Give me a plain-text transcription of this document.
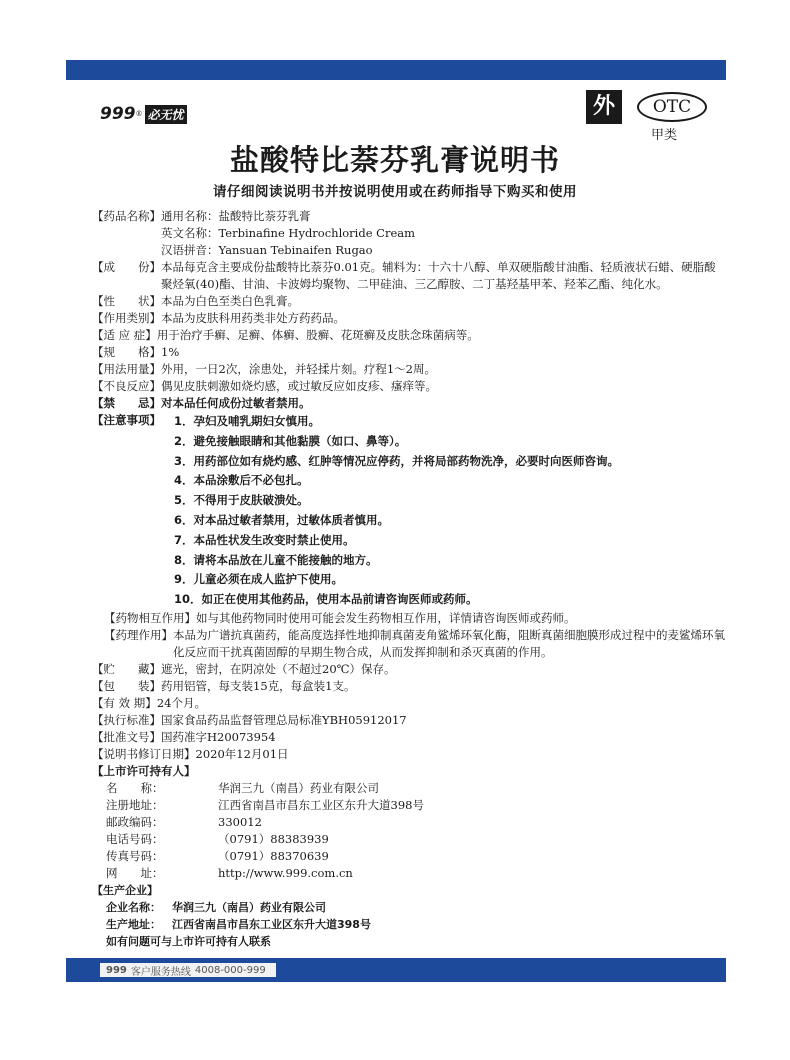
999 ® 必无忧	外	OTC
甲类
盐酸特比萘芬乳膏说明书
请仔细阅读说明书并按说明使用或在药师指导下购买和使用
【药品名称】 通用名称：盐酸特比萘芬乳膏
英文名称：Terbinafine Hydrochloride Cream
汉语拼音：Yansuan Tebinaifen Rugao
【成　　份】 本品每克含主要成份盐酸特比萘芬0.01克。辅料为：十六十八醇、单双硬脂酸甘油酯、轻质液状石蜡、硬脂酸聚烃氧(40)酯、甘油、卡波姆均聚物、二甲硅油、三乙醇胺、二丁基羟基甲苯、羟苯乙酯、纯化水。
【性　　状】 本品为白色至类白色乳膏。
【作用类别】 本品为皮肤科用药类非处方药药品。
【适 应 症】 用于治疗手癣、足癣、体癣、股癣、花斑癣及皮肤念珠菌病等。
【规　　格】 1%
【用法用量】 外用，一日2次，涂患处，并轻揉片刻。疗程1～2周。
【不良反应】 偶见皮肤刺激如烧灼感，或过敏反应如皮疹、瘙痒等。
【禁　　忌】 对本品任何成份过敏者禁用。
【注意事项】	1．孕妇及哺乳期妇女慎用。
2．避免接触眼睛和其他黏膜（如口、鼻等）。
3．用药部位如有烧灼感、红肿等情况应停药，并将局部药物洗净，必要时向医师咨询。
4．本品涂敷后不必包扎。
5．不得用于皮肤破溃处。
6．对本品过敏者禁用，过敏体质者慎用。
7．本品性状发生改变时禁止使用。
8．请将本品放在儿童不能接触的地方。
9．儿童必须在成人监护下使用。
10．如正在使用其他药品，使用本品前请咨询医师或药师。
【药物相互作用】 如与其他药物同时使用可能会发生药物相互作用，详情请咨询医师或药师。
【药理作用】 本品为广谱抗真菌药，能高度选择性地抑制真菌麦角鲨烯环氧化酶，阻断真菌细胞膜形成过程中的麦鲨烯环氧化反应而干扰真菌固醇的早期生物合成，从而发挥抑制和杀灭真菌的作用。
【贮　　藏】 遮光，密封，在阴凉处（不超过20℃）保存。
【包　　装】 药用铝管，每支装15克，每盒装1支。
【有 效 期】 24个月。
【执行标准】 国家食品药品监督管理总局标准YBH05912017
【批准文号】 国药准字H20073954
【说明书修订日期】 2020年12月01日
【上市许可持有人】
名　　称：	华润三九（南昌）药业有限公司
注册地址：	江西省南昌市昌东工业区东升大道398号
邮政编码：	330012
电话号码：	（0791）88383939
传真号码：	（0791）88370639
网　　址：	http://www.999.com.cn
【生产企业】
企业名称： 华润三九（南昌）药业有限公司
生产地址： 江西省南昌市昌东工业区东升大道398号
如有问题可与上市许可持有人联系
999 客户服务热线 4008-000-999
